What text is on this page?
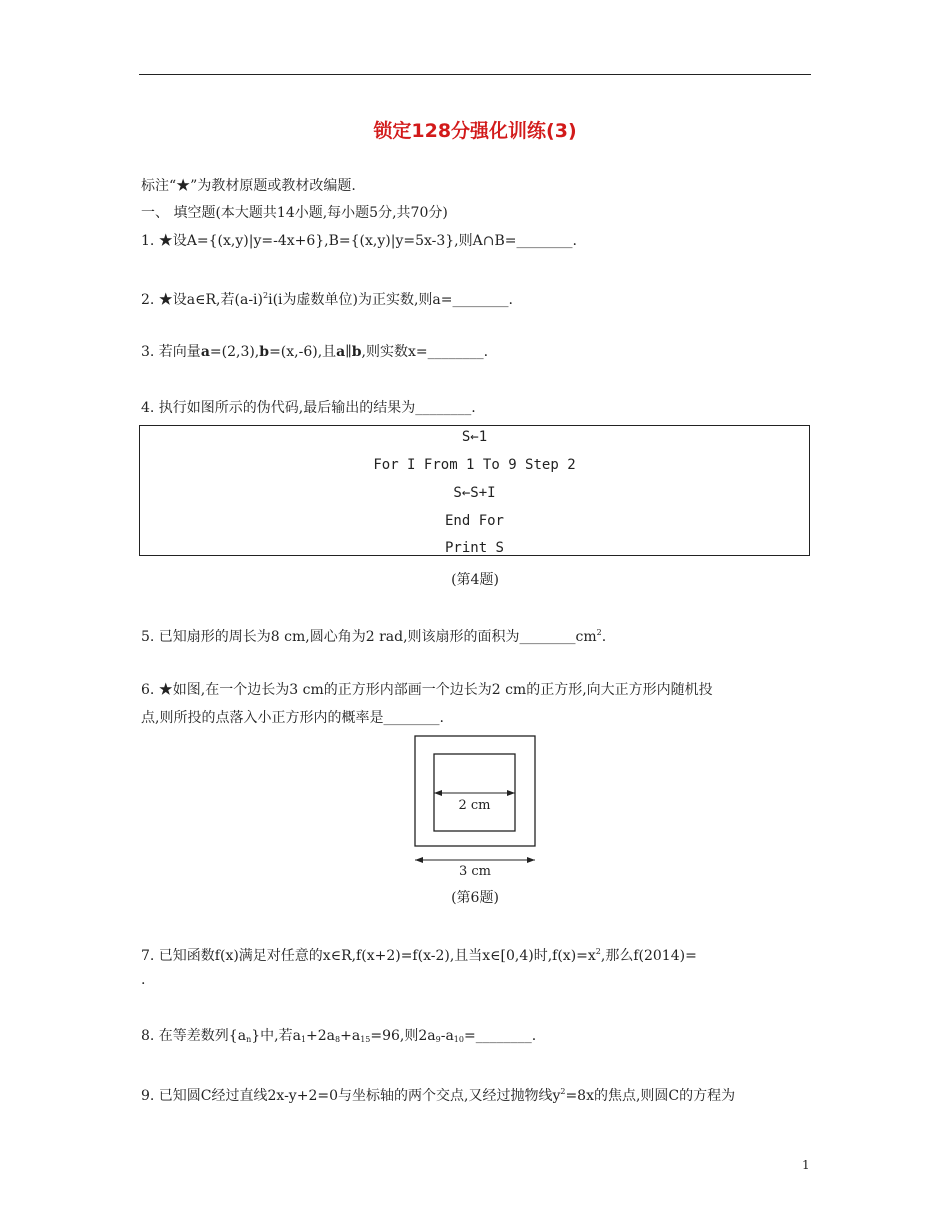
锁定128分强化训练(3)
标注“★”为教材原题或教材改编题.
一、 填空题(本大题共14小题,每小题5分,共70分)
1. ★设A={(x,y)|y=-4x+6},B={(x,y)|y=5x-3},则A∩B=________.
2. ★设a∈R,若$(a-i)^2i(i$为虚数单位)为正实数,则a=________.
3. 若向量a=(2,3),b=(x,-6),且a∥b,则实数x=________.
4. 执行如图所示的伪代码,最后输出的结果为________.
S←1
For I From 1 To 9 Step 2
S←S+I
End For
Print S
(第4题)
5. 已知扇形的周长为8 cm,圆心角为2 rad,则该扇形的面积为$\_\_\_\_\_\_\_\_cm^2$.
6. ★如图,在一个边长为3 cm的正方形内部画一个边长为2 cm的正方形,向大正方形内随机投
点,则所投的点落入小正方形内的概率是________.
2 cm
3 cm
(第6题)
7. 已知函数f(x)满足对任意的x∈R,f(x+2)=f(x-2),且当x∈[0,4)时$,f(x)=x^2$,那么f(2014)=
.
8. 在等差数列$\{a_n\}$中,若$a_1+2a_8+a_{15}=96$,则$2a_9-a_{10}=\_\_\_\_\_\_\_\_$.
9. 已知圆C经过直线2x-y+2=0与坐标轴的两个交点,又经过抛物线$y^2=8x$的焦点,则圆C的方程为
1
